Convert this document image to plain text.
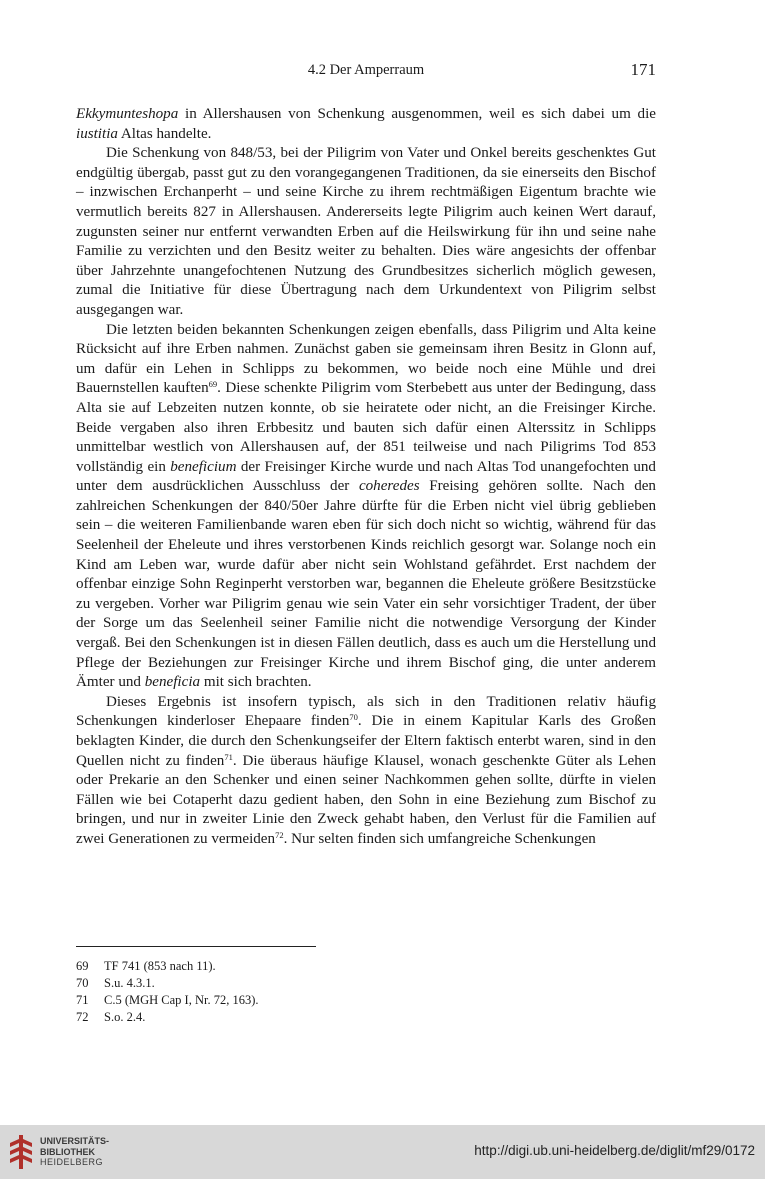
4.2 Der Amperraum	171

Ekkymunteshopa in Allershausen von Schenkung ausgenommen, weil es sich dabei um die iustitia Altas handelte.

Die Schenkung von 848/53, bei der Piligrim von Vater und Onkel bereits geschenktes Gut endgültig übergab, passt gut zu den vorangegangenen Traditionen, da sie einerseits den Bischof – inzwischen Erchanperht – und seine Kirche zu ihrem rechtmäßigen Eigentum brachte wie vermutlich bereits 827 in Allershausen. Andererseits legte Piligrim auch keinen Wert darauf, zugunsten seiner nur entfernt verwandten Erben auf die Heilswirkung für ihn und seine nahe Familie zu verzichten und den Besitz weiter zu behalten. Dies wäre angesichts der offenbar über Jahrzehnte unangefochtenen Nutzung des Grundbesitzes sicherlich möglich gewesen, zumal die Initiative für diese Übertragung nach dem Urkundentext von Piligrim selbst ausgegangen war.

Die letzten beiden bekannten Schenkungen zeigen ebenfalls, dass Piligrim und Alta keine Rücksicht auf ihre Erben nahmen. Zunächst gaben sie gemeinsam ihren Besitz in Glonn auf, um dafür ein Lehen in Schlipps zu bekommen, wo beide noch eine Mühle und drei Bauernstellen kauften$^{69}$. Diese schenkte Piligrim vom Sterbebett aus unter der Bedingung, dass Alta sie auf Lebzeiten nutzen konnte, ob sie heiratete oder nicht, an die Freisinger Kirche. Beide vergaben also ihren Erbbesitz und bauten sich dafür einen Alterssitz in Schlipps unmittelbar westlich von Allershausen auf, der 851 teilweise und nach Piligrims Tod 853 vollständig ein beneficium der Freisinger Kirche wurde und nach Altas Tod unangefochten und unter dem ausdrücklichen Ausschluss der coheredes Freising gehören sollte. Nach den zahlreichen Schenkungen der 840/50er Jahre dürfte für die Erben nicht viel übrig geblieben sein – die weiteren Familienbande waren eben für sich doch nicht so wichtig, während für das Seelenheil der Eheleute und ihres verstorbenen Kinds reichlich gesorgt war. Solange noch ein Kind am Leben war, wurde dafür aber nicht sein Wohlstand gefährdet. Erst nachdem der offenbar einzige Sohn Reginperht verstorben war, begannen die Eheleute größere Besitzstücke zu vergeben. Vorher war Piligrim genau wie sein Vater ein sehr vorsichtiger Tradent, der über der Sorge um das Seelenheil seiner Familie nicht die notwendige Versorgung der Kinder vergaß. Bei den Schenkungen ist in diesen Fällen deutlich, dass es auch um die Herstellung und Pflege der Beziehungen zur Freisinger Kirche und ihrem Bischof ging, die unter anderem Ämter und beneficia mit sich brachten.

Dieses Ergebnis ist insofern typisch, als sich in den Traditionen relativ häufig Schenkungen kinderloser Ehepaare finden$^{70}$. Die in einem Kapitular Karls des Großen beklagten Kinder, die durch den Schenkungseifer der Eltern faktisch enterbt waren, sind in den Quellen nicht zu finden$^{71}$. Die überaus häufige Klausel, wonach geschenkte Güter als Lehen oder Prekarie an den Schenker und einen seiner Nachkommen gehen sollte, dürfte in vielen Fällen wie bei Cotaperht dazu gedient haben, den Sohn in eine Beziehung zum Bischof zu bringen, und nur in zweiter Linie den Zweck gehabt haben, den Verlust für die Familien auf zwei Generationen zu vermeiden$^{72}$. Nur selten finden sich umfangreiche Schenkungen

69	TF 741 (853 nach 11).
70	S.u. 4.3.1.
71	C.5 (MGH Cap I, Nr. 72, 163).
72	S.o. 2.4.
UNIVERSITÄTS-
BIBLIOTHEK
HEIDELBERG
http://digi.ub.uni-heidelberg.de/diglit/mf29/0172
